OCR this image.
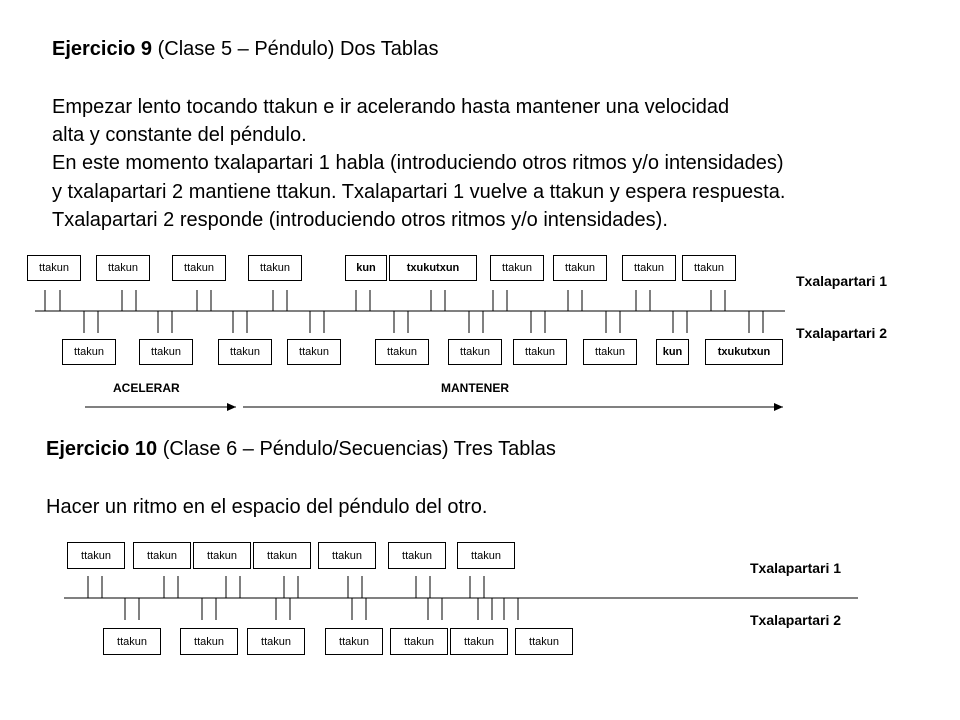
Ejercicio 9 (Clase 5 – Péndulo) Dos Tablas
Empezar lento tocando ttakun e ir acelerando hasta mantener una velocidad
alta y constante del péndulo.
En este momento txalapartari 1 habla (introduciendo otros ritmos y/o intensidades)
y txalapartari 2 mantiene ttakun. Txalapartari 1 vuelve a ttakun y espera respuesta.
Txalapartari 2 responde (introduciendo otros ritmos y/o intensidades).
ttakun	ttakun	ttakun	ttakun	kun	txukutxun	ttakun	ttakun	ttakun	ttakun
ttakun	ttakun	ttakun	ttakun	ttakun	ttakun	ttakun	ttakun	kun	txukutxun
Txalapartari 1
Txalapartari 2
ACELERAR	MANTENER
Ejercicio 10 (Clase 6 – Péndulo/Secuencias) Tres Tablas
Hacer un ritmo en el espacio del péndulo del otro.
ttakun	ttakun	ttakun	ttakun	ttakun	ttakun	ttakun
ttakun	ttakun	ttakun	ttakun	ttakun	ttakun	ttakun
Txalapartari 1
Txalapartari 2
